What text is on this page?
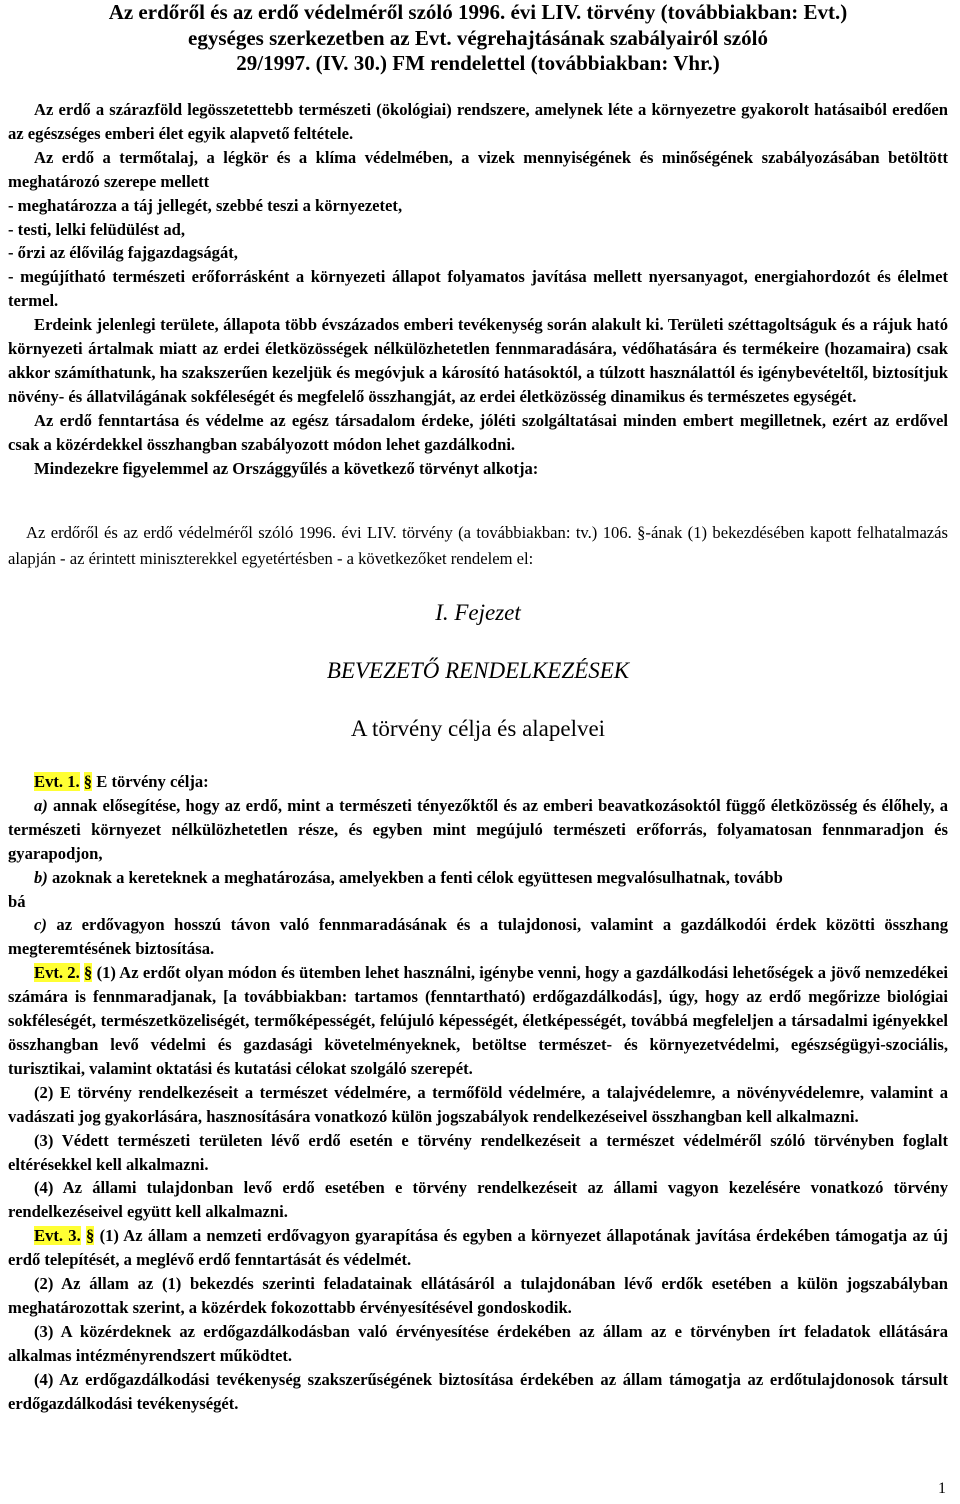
Az erdőről és az erdő védelméről szóló 1996. évi LIV. törvény (továbbiakban: Evt.)
egységes szerkezetben az Evt. végrehajtásának szabályairól szóló
29/1997. (IV. 30.) FM rendelettel (továbbiakban: Vhr.)

Az erdő a szárazföld legösszetettebb természeti (ökológiai) rendszere, amelynek léte a környezetre gyakorolt hatásaiból eredően az egészséges emberi élet egyik alapvető feltétele.

Az erdő a termőtalaj, a légkör és a klíma védelmében, a vizek mennyiségének és minőségének szabályozásában betöltött meghatározó szerepe mellett

- meghatározza a táj jellegét, szebbé teszi a környezetet,

- testi, lelki felüdülést ad,

- őrzi az élővilág fajgazdagságát,

- megújítható természeti erőforrásként a környezeti állapot folyamatos javítása mellett nyersanyagot, energiahordozót és élelmet termel.

Erdeink jelenlegi területe, állapota több évszázados emberi tevékenység során alakult ki. Területi széttagoltságuk és a rájuk ható környezeti ártalmak miatt az erdei életközösségek nélkülözhetetlen fennmaradására, védőhatására és termékeire (hozamaira) csak akkor számíthatunk, ha szakszerűen kezeljük és megóvjuk a károsító hatásoktól, a túlzott használattól és igénybevételtől, biztosítjuk növény- és állatvilágának sokféleségét és megfelelő összhangját, az erdei életközösség dinamikus és természetes egységét.

Az erdő fenntartása és védelme az egész társadalom érdeke, jóléti szolgáltatásai minden embert megilletnek, ezért az erdővel csak a közérdekkel összhangban szabályozott módon lehet gazdálkodni.

Mindezekre figyelemmel az Országgyűlés a következő törvényt alkotja:

Az erdőről és az erdő védelméről szóló 1996. évi LIV. törvény (a továbbiakban: tv.) 106. §-ának (1) bekezdésében kapott felhatalmazás alapján - az érintett miniszterekkel egyetértésben - a következőket rendelem el:

I. Fejezet
BEVEZETŐ RENDELKEZÉSEK
A törvény célja és alapelvei

Evt. 1. § E törvény célja:

a) annak elősegítése, hogy az erdő, mint a természeti tényezőktől és az emberi beavatkozásoktól függő életközösség és élőhely, a természeti környezet nélkülözhetetlen része, és egyben mint megújuló természeti erőforrás, folyamatosan fennmaradjon és gyarapodjon,

b) azoknak a kereteknek a meghatározása, amelyekben a fenti célok együttesen megvalósulhatnak, tovább

bá

c) az erdővagyon hosszú távon való fennmaradásának és a tulajdonosi, valamint a gazdálkodói érdek közötti összhang megteremtésének biztosítása.

Evt. 2. § (1) Az erdőt olyan módon és ütemben lehet használni, igénybe venni, hogy a gazdálkodási lehetőségek a jövő nemzedékei számára is fennmaradjanak, [a továbbiakban: tartamos (fenntartható) erdőgazdálkodás], úgy, hogy az erdő megőrizze biológiai sokféleségét, természetközeliségét, termőképességét, felújuló képességét, életképességét, továbbá megfeleljen a társadalmi igényekkel összhangban levő védelmi és gazdasági követelményeknek, betöltse természet- és környezetvédelmi, egészségügyi-szociális, turisztikai, valamint oktatási és kutatási célokat szolgáló szerepét.

(2) E törvény rendelkezéseit a természet védelmére, a termőföld védelmére, a talajvédelemre, a növényvédelemre, valamint a vadászati jog gyakorlására, hasznosítására vonatkozó külön jogszabályok rendelkezéseivel összhangban kell alkalmazni.

(3) Védett természeti területen lévő erdő esetén e törvény rendelkezéseit a természet védelméről szóló törvényben foglalt eltérésekkel kell alkalmazni.

(4) Az állami tulajdonban levő erdő esetében e törvény rendelkezéseit az állami vagyon kezelésére vonatkozó törvény rendelkezéseivel együtt kell alkalmazni.

Evt. 3. § (1) Az állam a nemzeti erdővagyon gyarapítása és egyben a környezet állapotának javítása érdekében támogatja az új erdő telepítését, a meglévő erdő fenntartását és védelmét.

(2) Az állam az (1) bekezdés szerinti feladatainak ellátásáról a tulajdonában lévő erdők esetében a külön jogszabályban meghatározottak szerint, a közérdek fokozottabb érvényesítésével gondoskodik.

(3) A közérdeknek az erdőgazdálkodásban való érvényesítése érdekében az állam az e törvényben írt feladatok ellátására alkalmas intézményrendszert működtet.

(4) Az erdőgazdálkodási tevékenység szakszerűségének biztosítása érdekében az állam támogatja az erdőtulajdonosok társult erdőgazdálkodási tevékenységét.

1
